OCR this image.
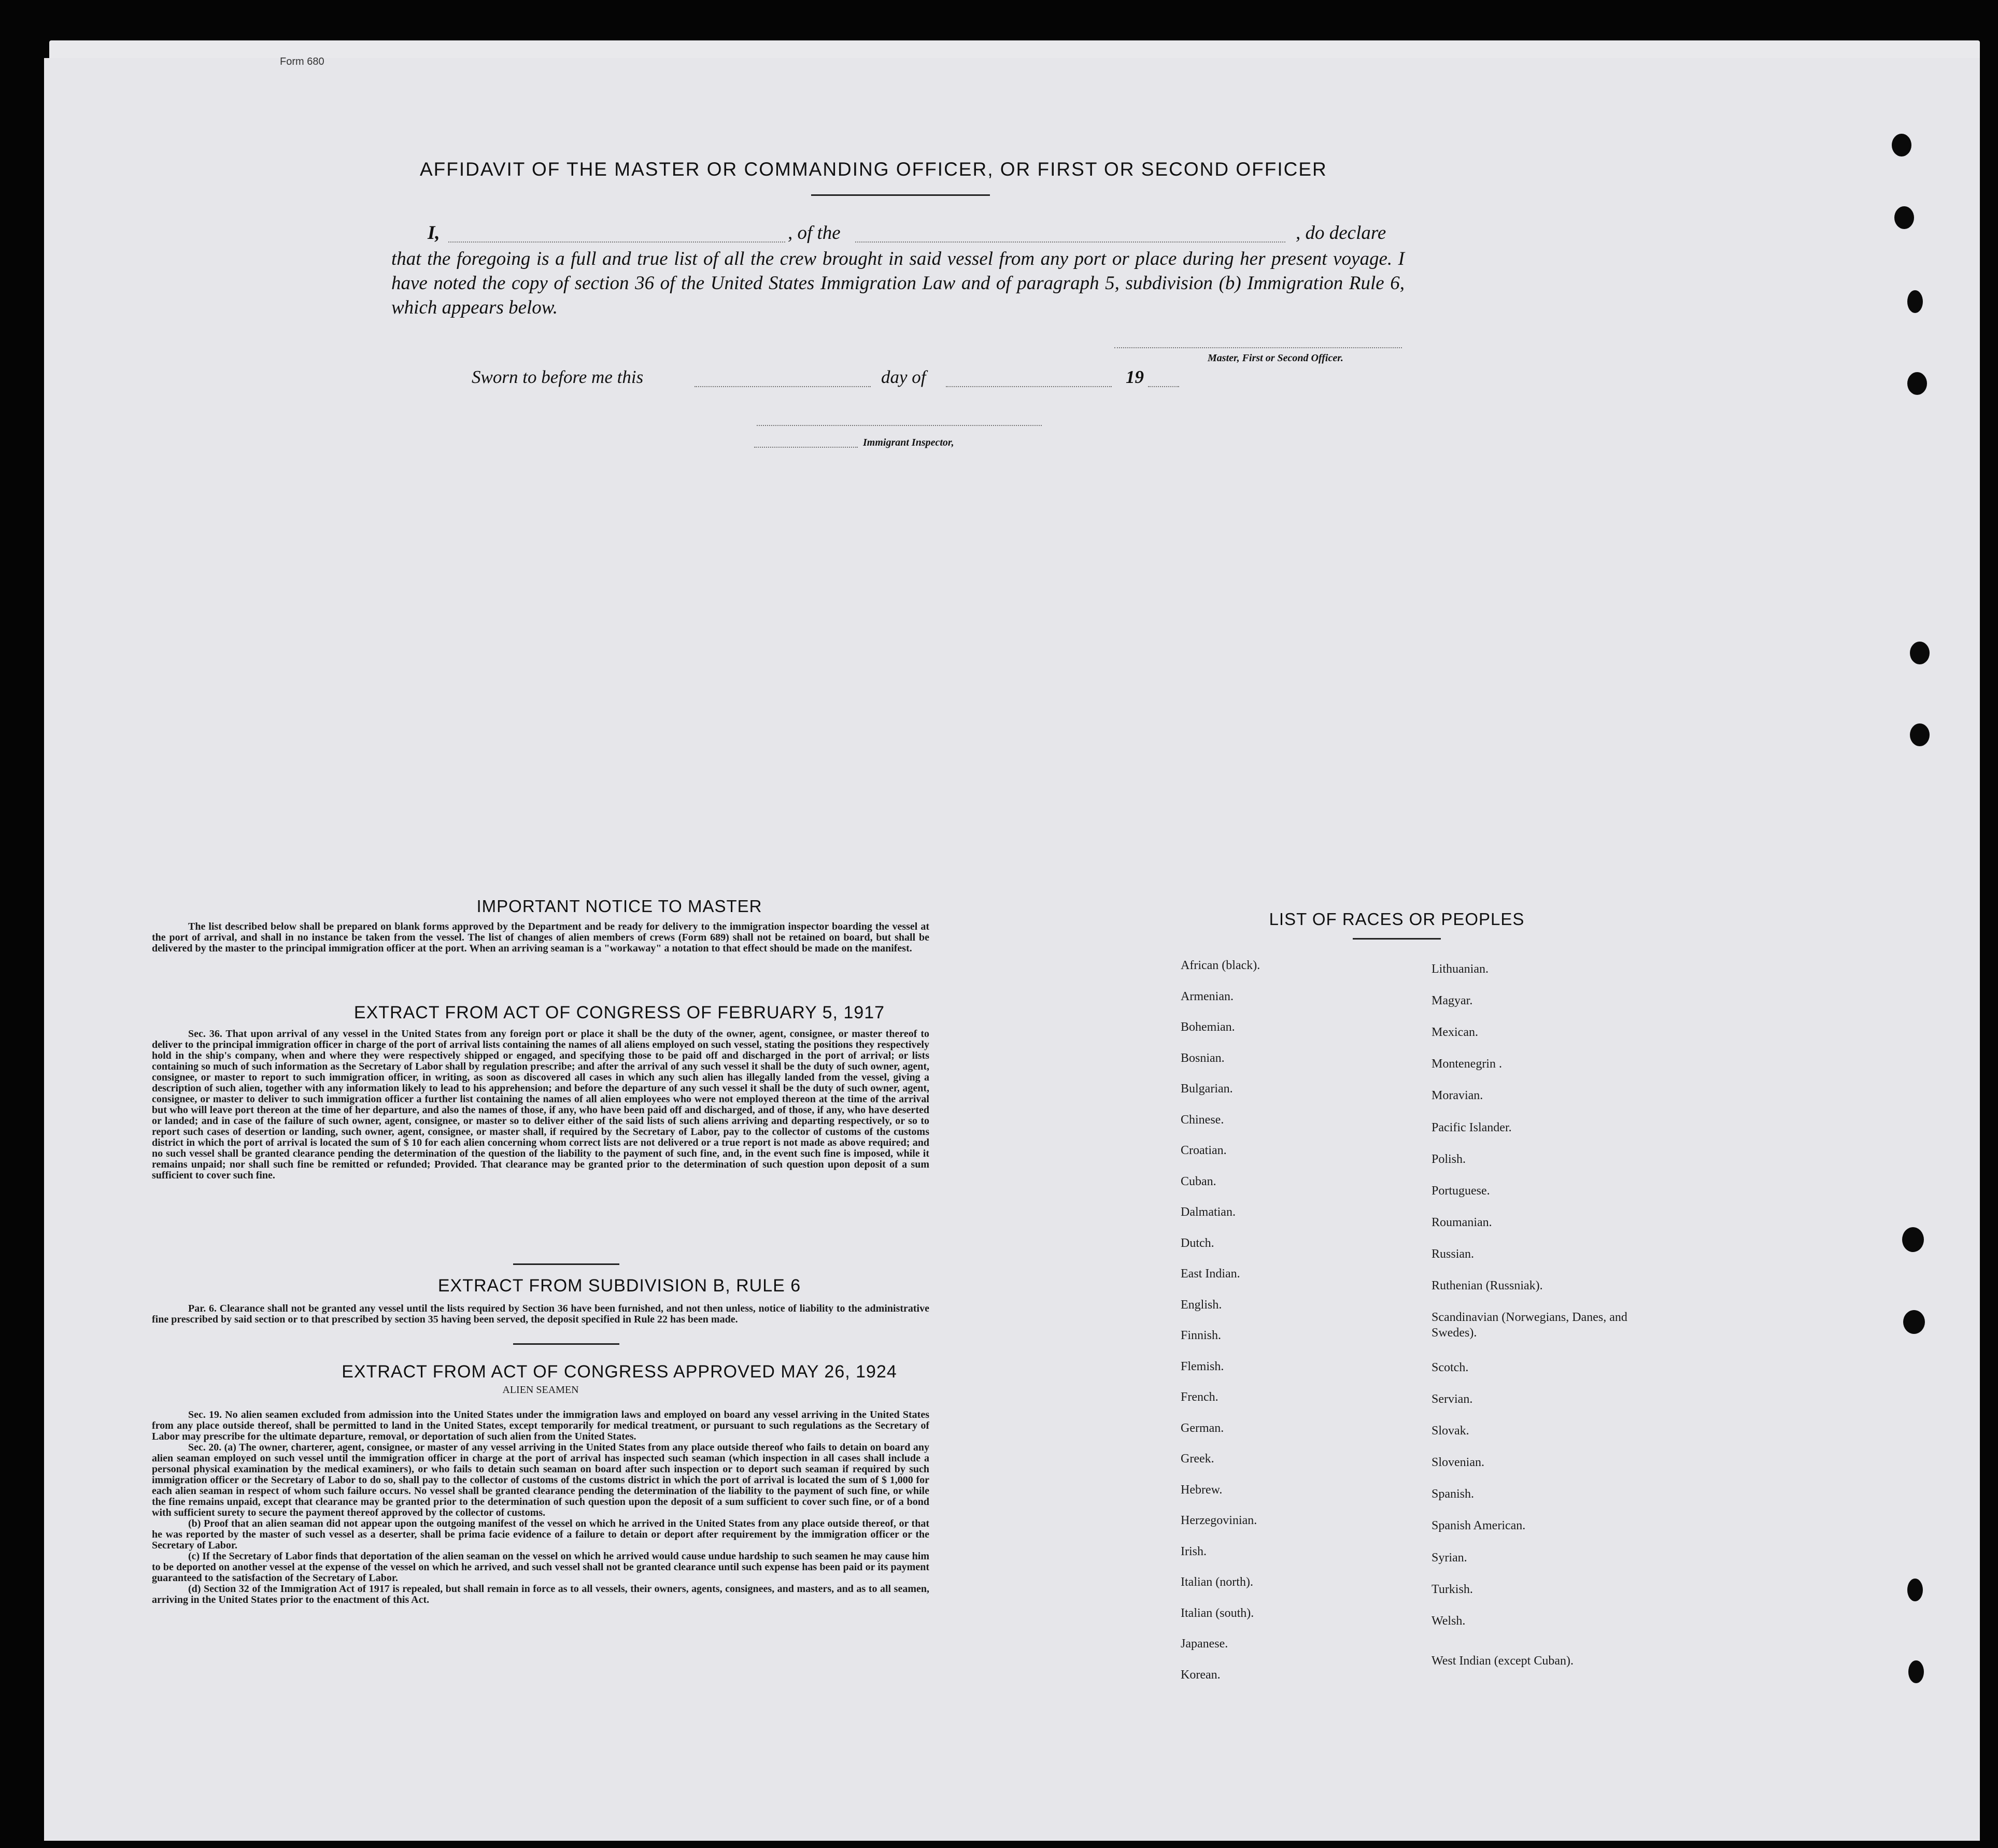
Form 680
AFFIDAVIT OF THE MASTER OR COMMANDING OFFICER, OR FIRST OR SECOND OFFICER
I,	, of the	, do declare
that the foregoing is a full and true list of all the crew brought in said vessel from any port or place during her present voyage. I have noted the copy of section 36 of the United States Immigration Law and of paragraph 5, subdivision (b) Immigration Rule 6, which appears below.
Master, First or Second Officer.
Sworn to before me this	day of	19
Immigrant Inspector,
IMPORTANT NOTICE TO MASTER
The list described below shall be prepared on blank forms approved by the Department and be ready for delivery to the immigration inspector boarding the vessel at the port of arrival, and shall in no instance be taken from the vessel. The list of changes of alien members of crews (Form 689) shall not be retained on board, but shall be delivered by the master to the principal immigration officer at the port. When an arriving seaman is a "workaway" a notation to that effect should be made on the manifest.
EXTRACT FROM ACT OF CONGRESS OF FEBRUARY 5, 1917
Sec. 36. That upon arrival of any vessel in the United States from any foreign port or place it shall be the duty of the owner, agent, consignee, or master thereof to deliver to the principal immigration officer in charge of the port of arrival lists containing the names of all aliens employed on such vessel, stating the positions they respectively hold in the ship's company, when and where they were respectively shipped or engaged, and specifying those to be paid off and discharged in the port of arrival; or lists containing so much of such information as the Secretary of Labor shall by regulation prescribe; and after the arrival of any such vessel it shall be the duty of such owner, agent, consignee, or master to report to such immigration officer, in writing, as soon as discovered all cases in which any such alien has illegally landed from the vessel, giving a description of such alien, together with any information likely to lead to his apprehension; and before the departure of any such vessel it shall be the duty of such owner, agent, consignee, or master to deliver to such immigration officer a further list containing the names of all alien employees who were not employed thereon at the time of the arrival but who will leave port thereon at the time of her departure, and also the names of those, if any, who have been paid off and discharged, and of those, if any, who have deserted or landed; and in case of the failure of such owner, agent, consignee, or master so to deliver either of the said lists of such aliens arriving and departing respectively, or so to report such cases of desertion or landing, such owner, agent, consignee, or master shall, if required by the Secretary of Labor, pay to the collector of customs of the customs district in which the port of arrival is located the sum of $ 10 for each alien concerning whom correct lists are not delivered or a true report is not made as above required; and no such vessel shall be granted clearance pending the determination of the question of the liability to the payment of such fine, and, in the event such fine is imposed, while it remains unpaid; nor shall such fine be remitted or refunded; Provided. That clearance may be granted prior to the determination of such question upon deposit of a sum sufficient to cover such fine.
EXTRACT FROM SUBDIVISION B, RULE 6
Par. 6. Clearance shall not be granted any vessel until the lists required by Section 36 have been furnished, and not then unless, notice of liability to the administrative fine prescribed by said section or to that prescribed by section 35 having been served, the deposit specified in Rule 22 has been made.
EXTRACT FROM ACT OF CONGRESS APPROVED MAY 26, 1924
ALIEN SEAMEN
Sec. 19. No alien seamen excluded from admission into the United States under the immigration laws and employed on board any vessel arriving in the United States from any place outside thereof, shall be permitted to land in the United States, except temporarily for medical treatment, or pursuant to such regulations as the Secretary of Labor may prescribe for the ultimate departure, removal, or deportation of such alien from the United States.
Sec. 20. (a) The owner, charterer, agent, consignee, or master of any vessel arriving in the United States from any place outside thereof who fails to detain on board any alien seaman employed on such vessel until the immigration officer in charge at the port of arrival has inspected such seaman (which inspection in all cases shall include a personal physical examination by the medical examiners), or who fails to detain such seaman on board after such inspection or to deport such seaman if required by such immigration officer or the Secretary of Labor to do so, shall pay to the collector of customs of the customs district in which the port of arrival is located the sum of $ 1,000 for each alien seaman in respect of whom such failure occurs. No vessel shall be granted clearance pending the determination of the liability to the payment of such fine, or while the fine remains unpaid, except that clearance may be granted prior to the determination of such question upon the deposit of a sum sufficient to cover such fine, or of a bond with sufficient surety to secure the payment thereof approved by the collector of customs.
(b) Proof that an alien seaman did not appear upon the outgoing manifest of the vessel on which he arrived in the United States from any place outside thereof, or that he was reported by the master of such vessel as a deserter, shall be prima facie evidence of a failure to detain or deport after requirement by the immigration officer or the Secretary of Labor.
(c) If the Secretary of Labor finds that deportation of the alien seaman on the vessel on which he arrived would cause undue hardship to such seamen he may cause him to be deported on another vessel at the expense of the vessel on which he arrived, and such vessel shall not be granted clearance until such expense has been paid or its payment guaranteed to the satisfaction of the Secretary of Labor.
(d) Section 32 of the Immigration Act of 1917 is repealed, but shall remain in force as to all vessels, their owners, agents, consignees, and masters, and as to all seamen, arriving in the United States prior to the enactment of this Act.
LIST OF RACES OR PEOPLES
African (black).
Armenian.
Bohemian.
Bosnian.
Bulgarian.
Chinese.
Croatian.
Cuban.
Dalmatian.
Dutch.
East Indian.
English.
Finnish.
Flemish.
French.
German.
Greek.
Hebrew.
Herzegovinian.
Irish.
Italian (north).
Italian (south).
Japanese.
Korean.
Lithuanian.
Magyar.
Mexican.
Montenegrin .
Moravian.
Pacific Islander.
Polish.
Portuguese.
Roumanian.
Russian.
Ruthenian (Russniak).
Scandinavian (Norwegians, Danes, and Swedes).
Scotch.
Servian.
Slovak.
Slovenian.
Spanish.
Spanish American.
Syrian.
Turkish.
Welsh.
West Indian (except Cuban).
